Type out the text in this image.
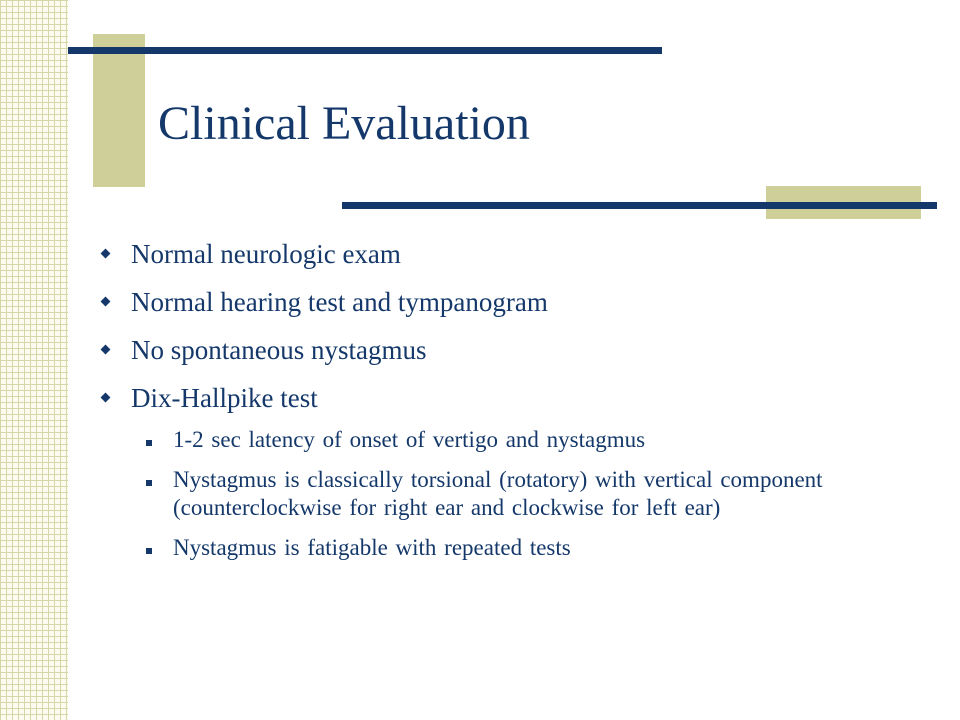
Clinical Evaluation
Normal neurologic exam
Normal hearing test and tympanogram
No spontaneous nystagmus
Dix-Hallpike test
1-2 sec latency of onset of vertigo and nystagmus
Nystagmus is classically torsional (rotatory) with vertical component (counterclockwise for right ear and clockwise for left ear)
Nystagmus is fatigable with repeated tests
